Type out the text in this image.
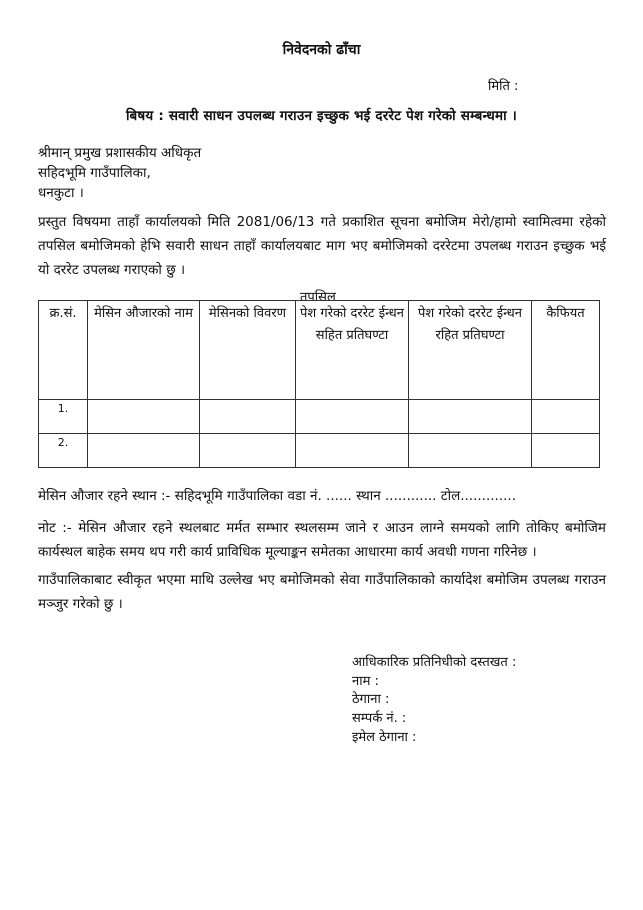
निवेदनको ढाँचा
मिति :
बिषय : सवारी साधन उपलब्ध गराउन इच्छुक भई दररेट पेश गरेको सम्बन्धमा ।
श्रीमान् प्रमुख प्रशासकीय अधिकृत
सहिदभूमि गाउँपालिका,
धनकुटा ।
प्रस्तुत विषयमा ताहाँ कार्यालयको मिति 2081/06/13 गते प्रकाशित सूचना बमोजिम मेरो/हामो स्वामित्वमा रहेको तपसिल बमोजिमको हेभि सवारी साधन ताहाँ कार्यालयबाट माग भए बमोजिमको दररेटमा उपलब्ध गराउन इच्छुक भई यो दररेट उपलब्ध गराएको छु ।
तपसिल
क्र.सं.	मेसिन औजारको नाम	मेसिनको विवरण	पेश गरेको दररेट ईन्धन सहित प्रतिघण्टा	पेश गरेको दररेट ईन्धन रहित प्रतिघण्टा	कैफियत
1.					
2.					
मेसिन औजार रहने स्थान :- सहिदभूमि गाउँपालिका वडा नं. ...... स्थान ............ टोल.............
नोट :- मेसिन औजार रहने स्थलबाट मर्मत सम्भार स्थलसम्म जाने र आउन लाग्ने समयको लागि तोकिए बमोजिम कार्यस्थल बाहेक समय थप गरी कार्य प्राविधिक मूल्याङ्कन समेतका आधारमा कार्य अवधी गणना गरिनेछ ।
गाउँपालिकाबाट स्वीकृत भएमा माथि उल्लेख भए बमोजिमको सेवा गाउँपालिकाको कार्यादेश बमोजिम उपलब्ध गराउन मञ्जुर गरेको छु ।
आधिकारिक प्रतिनिधीको दस्तखत :
नाम :
ठेगाना :
सम्पर्क नं. :
इमेल ठेगाना :
